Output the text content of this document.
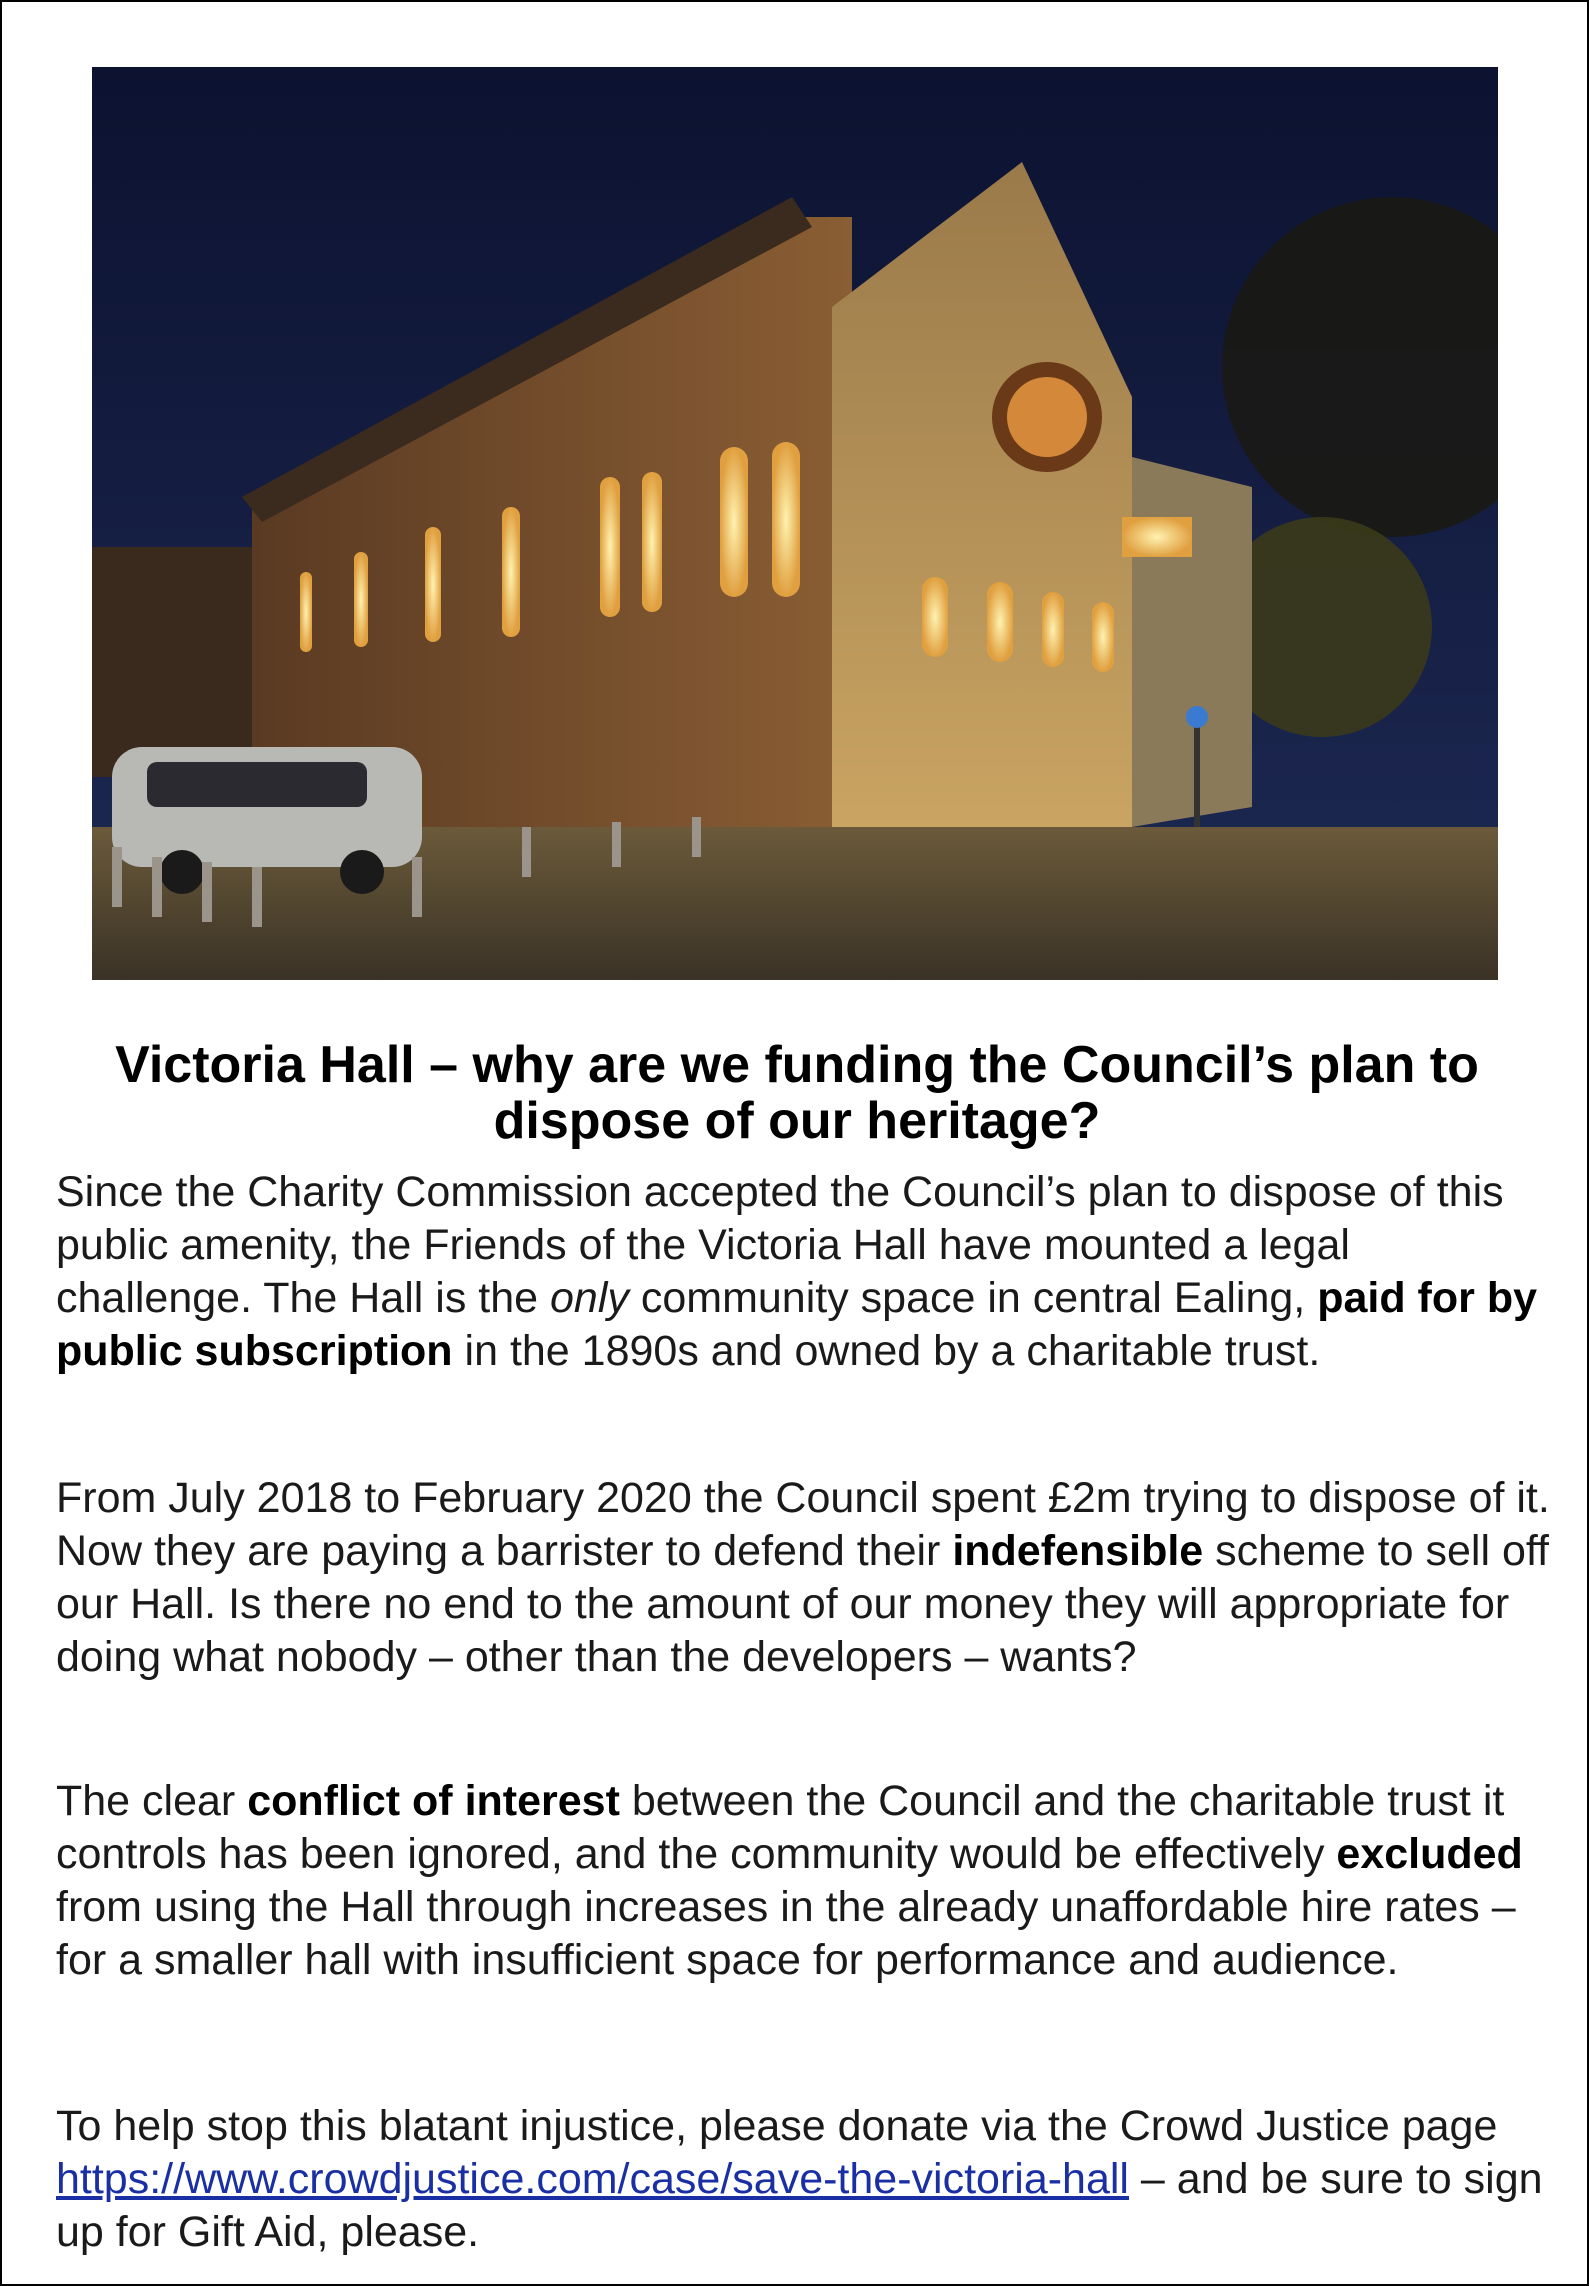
Victoria Hall – why are we funding the Council’s plan to dispose of our heritage?
Since the Charity Commission accepted the Council’s plan to dispose of this public amenity, the Friends of the Victoria Hall have mounted a legal challenge. The Hall is the only community space in central Ealing, paid for by public subscription in the 1890s and owned by a charitable trust.
From July 2018 to February 2020 the Council spent £2m trying to dispose of it. Now they are paying a barrister to defend their indefensible scheme to sell off our Hall. Is there no end to the amount of our money they will appropriate for doing what nobody – other than the developers – wants?
The clear conflict of interest between the Council and the charitable trust it controls has been ignored, and the community would be effectively excluded from using the Hall through increases in the already unaffordable hire rates – for a smaller hall with insufficient space for performance and audience.
To help stop this blatant injustice, please donate via the Crowd Justice page https://www.crowdjustice.com/case/save-the-victoria-hall – and be sure to sign up for Gift Aid, please.
